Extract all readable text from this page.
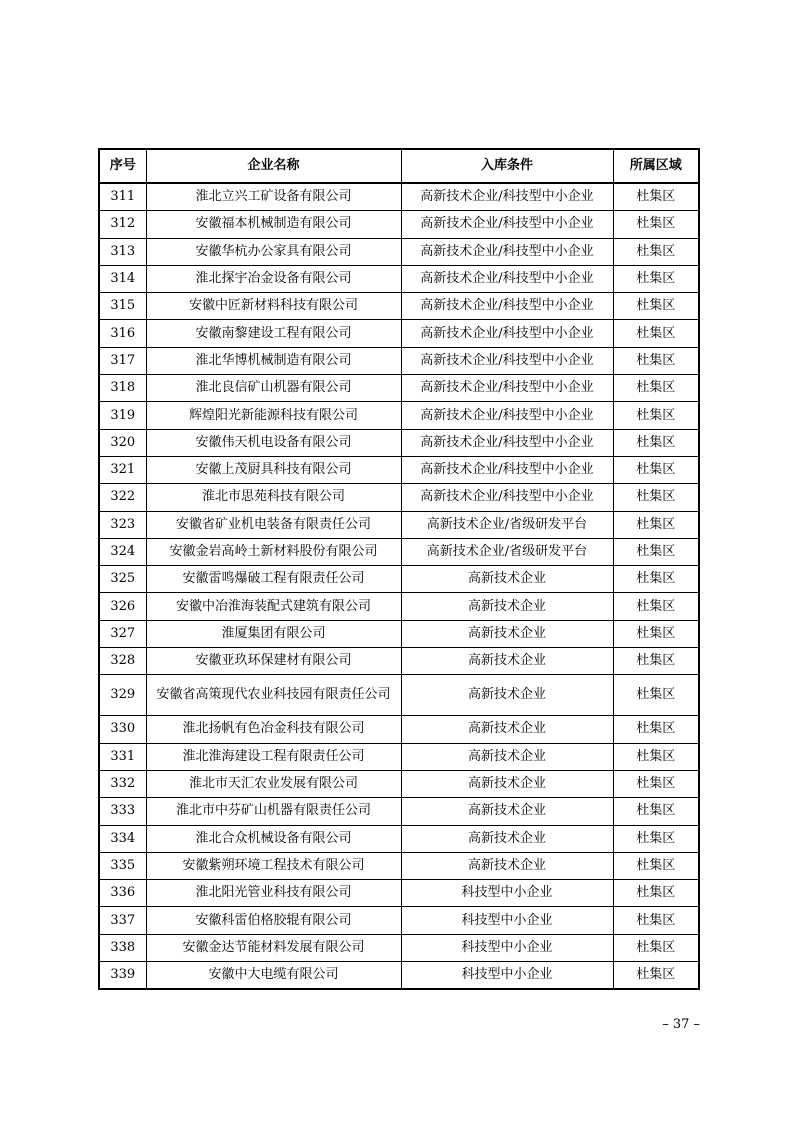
序号	企业名称	入库条件	所属区域
311	淮北立兴工矿设备有限公司	高新技术企业/科技型中小企业	杜集区
312	安徽福本机械制造有限公司	高新技术企业/科技型中小企业	杜集区
313	安徽华杭办公家具有限公司	高新技术企业/科技型中小企业	杜集区
314	淮北探宇冶金设备有限公司	高新技术企业/科技型中小企业	杜集区
315	安徽中匠新材料科技有限公司	高新技术企业/科技型中小企业	杜集区
316	安徽南黎建设工程有限公司	高新技术企业/科技型中小企业	杜集区
317	淮北华博机械制造有限公司	高新技术企业/科技型中小企业	杜集区
318	淮北良信矿山机器有限公司	高新技术企业/科技型中小企业	杜集区
319	辉煌阳光新能源科技有限公司	高新技术企业/科技型中小企业	杜集区
320	安徽伟天机电设备有限公司	高新技术企业/科技型中小企业	杜集区
321	安徽上茂厨具科技有限公司	高新技术企业/科技型中小企业	杜集区
322	淮北市思苑科技有限公司	高新技术企业/科技型中小企业	杜集区
323	安徽省矿业机电装备有限责任公司	高新技术企业/省级研发平台	杜集区
324	安徽金岩高岭土新材料股份有限公司	高新技术企业/省级研发平台	杜集区
325	安徽雷鸣爆破工程有限责任公司	高新技术企业	杜集区
326	安徽中冶淮海装配式建筑有限公司	高新技术企业	杜集区
327	淮厦集团有限公司	高新技术企业	杜集区
328	安徽亚玖环保建材有限公司	高新技术企业	杜集区
329	安徽省高策现代农业科技园有限责任公司	高新技术企业	杜集区
330	淮北扬帆有色冶金科技有限公司	高新技术企业	杜集区
331	淮北淮海建设工程有限责任公司	高新技术企业	杜集区
332	淮北市天汇农业发展有限公司	高新技术企业	杜集区
333	淮北市中芬矿山机器有限责任公司	高新技术企业	杜集区
334	淮北合众机械设备有限公司	高新技术企业	杜集区
335	安徽紫朔环境工程技术有限公司	高新技术企业	杜集区
336	淮北阳光管业科技有限公司	科技型中小企业	杜集区
337	安徽科雷伯格胶辊有限公司	科技型中小企业	杜集区
338	安徽金达节能材料发展有限公司	科技型中小企业	杜集区
339	安徽中大电缆有限公司	科技型中小企业	杜集区
– 37 –
